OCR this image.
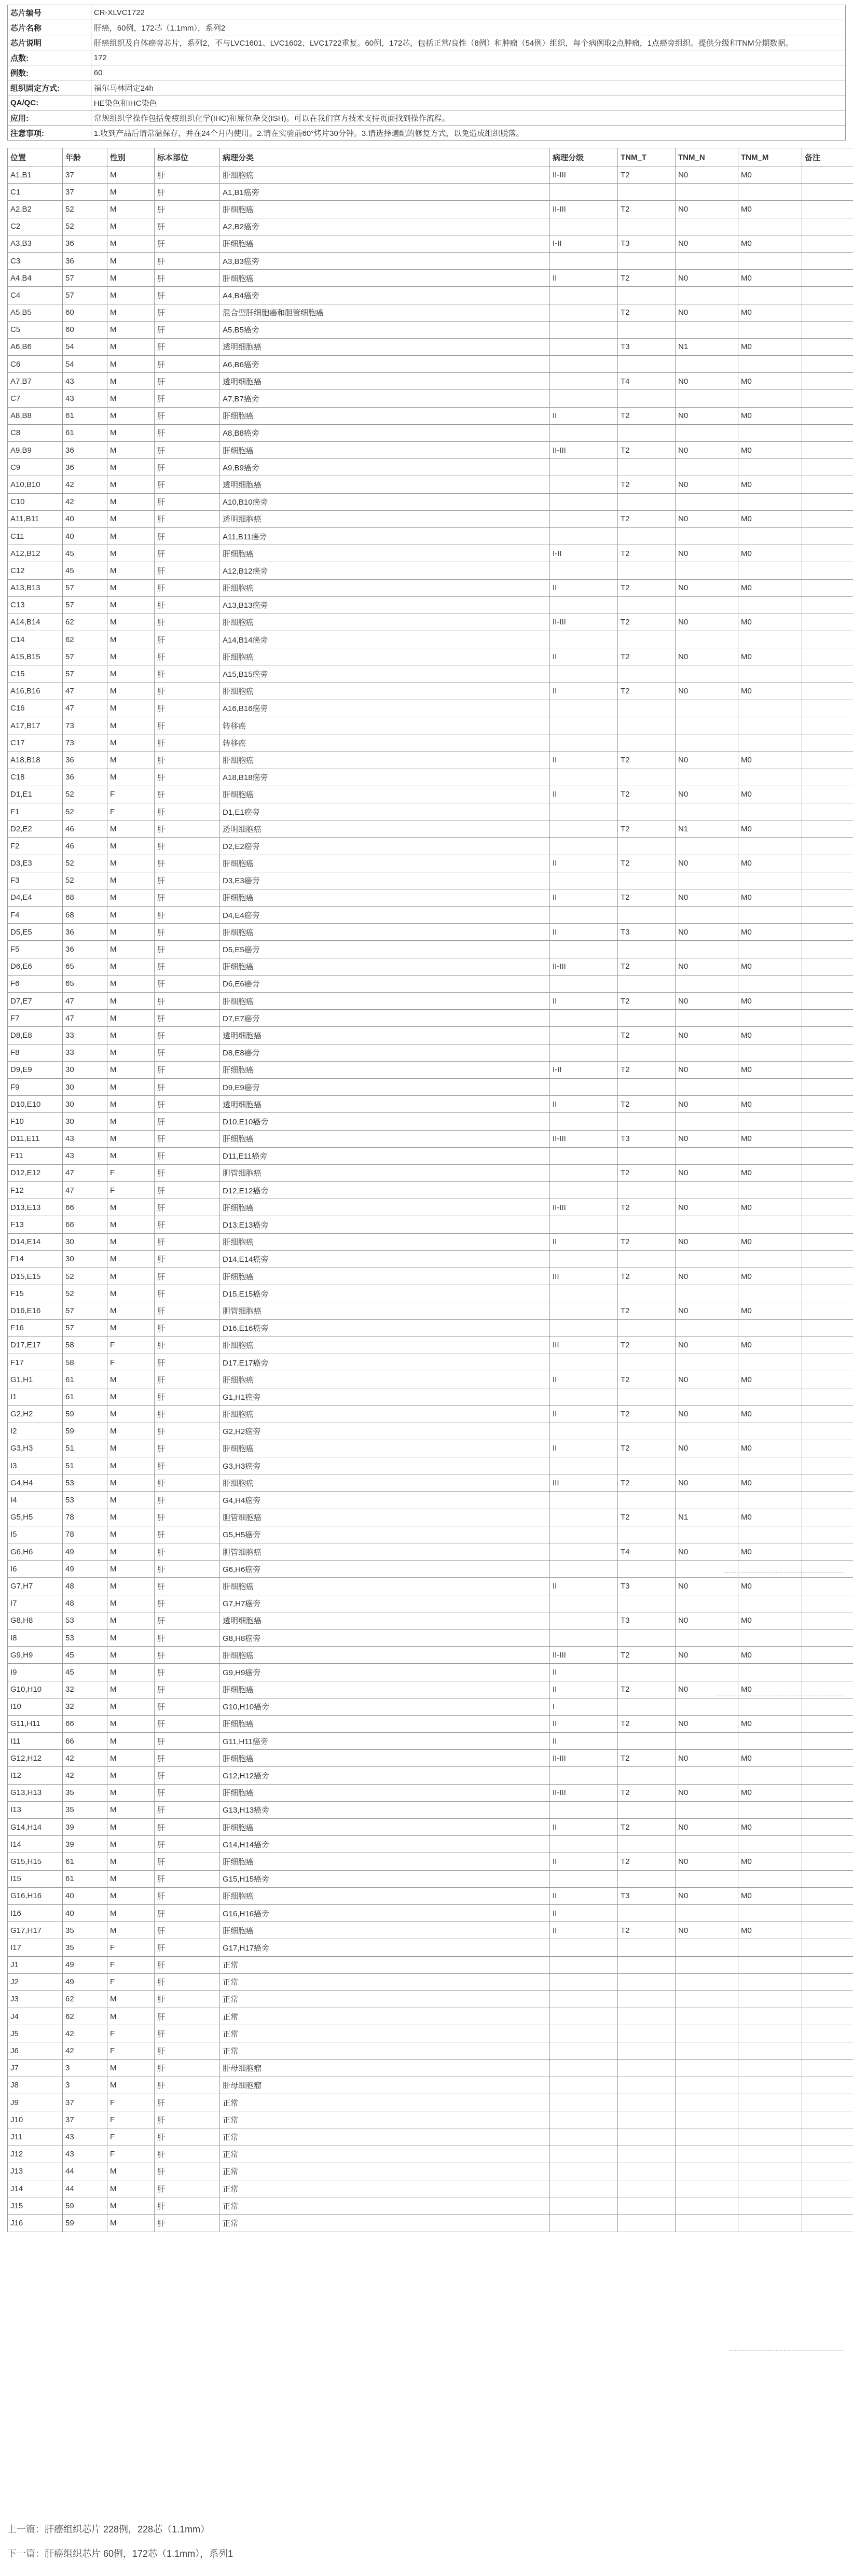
芯片编号	CR-XLVC1722
芯片名称	肝癌，60例，172芯（1.1mm），系列2
芯片说明	肝癌组织及自体癌旁芯片，系列2，不与LVC1601、LVC1602、LVC1722重复。60例，172芯，包括正常/良性（8例）和肿瘤（54例）组织，每个病例取2点肿瘤，1点癌旁组织。提供分级和TNM分期数据。
点数:	172
例数:	60
组织固定方式:	福尔马林固定24h
QA/QC:	HE染色和IHC染色
应用:	常规组织学操作包括免疫组织化学(IHC)和原位杂交(ISH)。可以在我们官方技术支持页面找到操作流程。
注意事项:	1.收到产品后请常温保存，并在24个月内使用。2.请在实验前60°烤片30分钟。3.请选择適配的修复方式，以免造成组织脱落。
位置	年龄	性别	标本部位	病理分类	病理分级	TNM_T	TNM_N	TNM_M	备注
A1,B1	37	M	肝	肝细胞癌	II-III	T2	N0	M0	
C1	37	M	肝	A1,B1癌旁					
A2,B2	52	M	肝	肝细胞癌	II-III	T2	N0	M0	
C2	52	M	肝	A2,B2癌旁					
A3,B3	36	M	肝	肝细胞癌	I-II	T3	N0	M0	
C3	36	M	肝	A3,B3癌旁					
A4,B4	57	M	肝	肝细胞癌	II	T2	N0	M0	
C4	57	M	肝	A4,B4癌旁					
A5,B5	60	M	肝	混合型肝细胞癌和胆管细胞癌		T2	N0	M0	
C5	60	M	肝	A5,B5癌旁					
A6,B6	54	M	肝	透明细胞癌		T3	N1	M0	
C6	54	M	肝	A6,B6癌旁					
A7,B7	43	M	肝	透明细胞癌		T4	N0	M0	
C7	43	M	肝	A7,B7癌旁					
A8,B8	61	M	肝	肝细胞癌	II	T2	N0	M0	
C8	61	M	肝	A8,B8癌旁					
A9,B9	36	M	肝	肝细胞癌	II-III	T2	N0	M0	
C9	36	M	肝	A9,B9癌旁					
A10,B10	42	M	肝	透明细胞癌		T2	N0	M0	
C10	42	M	肝	A10,B10癌旁					
A11,B11	40	M	肝	透明细胞癌		T2	N0	M0	
C11	40	M	肝	A11,B11癌旁					
A12,B12	45	M	肝	肝细胞癌	I-II	T2	N0	M0	
C12	45	M	肝	A12,B12癌旁					
A13,B13	57	M	肝	肝细胞癌	II	T2	N0	M0	
C13	57	M	肝	A13,B13癌旁					
A14,B14	62	M	肝	肝细胞癌	II-III	T2	N0	M0	
C14	62	M	肝	A14,B14癌旁					
A15,B15	57	M	肝	肝细胞癌	II	T2	N0	M0	
C15	57	M	肝	A15,B15癌旁					
A16,B16	47	M	肝	肝细胞癌	II	T2	N0	M0	
C16	47	M	肝	A16,B16癌旁					
A17,B17	73	M	肝	转移癌					
C17	73	M	肝	转移癌					
A18,B18	36	M	肝	肝细胞癌	II	T2	N0	M0	
C18	36	M	肝	A18,B18癌旁					
D1,E1	52	F	肝	肝细胞癌	II	T2	N0	M0	
F1	52	F	肝	D1,E1癌旁					
D2,E2	46	M	肝	透明细胞癌		T2	N1	M0	
F2	46	M	肝	D2,E2癌旁					
D3,E3	52	M	肝	肝细胞癌	II	T2	N0	M0	
F3	52	M	肝	D3,E3癌旁					
D4,E4	68	M	肝	肝细胞癌	II	T2	N0	M0	
F4	68	M	肝	D4,E4癌旁					
D5,E5	36	M	肝	肝细胞癌	II	T3	N0	M0	
F5	36	M	肝	D5,E5癌旁					
D6,E6	65	M	肝	肝细胞癌	II-III	T2	N0	M0	
F6	65	M	肝	D6,E6癌旁					
D7,E7	47	M	肝	肝细胞癌	II	T2	N0	M0	
F7	47	M	肝	D7,E7癌旁					
D8,E8	33	M	肝	透明细胞癌		T2	N0	M0	
F8	33	M	肝	D8,E8癌旁					
D9,E9	30	M	肝	肝细胞癌	I-II	T2	N0	M0	
F9	30	M	肝	D9,E9癌旁					
D10,E10	30	M	肝	透明细胞癌	II	T2	N0	M0	
F10	30	M	肝	D10,E10癌旁					
D11,E11	43	M	肝	肝细胞癌	II-III	T3	N0	M0	
F11	43	M	肝	D11,E11癌旁					
D12,E12	47	F	肝	胆管细胞癌		T2	N0	M0	
F12	47	F	肝	D12,E12癌旁					
D13,E13	66	M	肝	肝细胞癌	II-III	T2	N0	M0	
F13	66	M	肝	D13,E13癌旁					
D14,E14	30	M	肝	肝细胞癌	II	T2	N0	M0	
F14	30	M	肝	D14,E14癌旁					
D15,E15	52	M	肝	肝细胞癌	III	T2	N0	M0	
F15	52	M	肝	D15,E15癌旁					
D16,E16	57	M	肝	胆管细胞癌		T2	N0	M0	
F16	57	M	肝	D16,E16癌旁					
D17,E17	58	F	肝	肝细胞癌	III	T2	N0	M0	
F17	58	F	肝	D17,E17癌旁					
G1,H1	61	M	肝	肝细胞癌	II	T2	N0	M0	
I1	61	M	肝	G1,H1癌旁					
G2,H2	59	M	肝	肝细胞癌	II	T2	N0	M0	
I2	59	M	肝	G2,H2癌旁					
G3,H3	51	M	肝	肝细胞癌	II	T2	N0	M0	
I3	51	M	肝	G3,H3癌旁					
G4,H4	53	M	肝	肝细胞癌	III	T2	N0	M0	
I4	53	M	肝	G4,H4癌旁					
G5,H5	78	M	肝	胆管细胞癌		T2	N1	M0	
I5	78	M	肝	G5,H5癌旁					
G6,H6	49	M	肝	胆管细胞癌		T4	N0	M0	
I6	49	M	肝	G6,H6癌旁					
G7,H7	48	M	肝	肝细胞癌	II	T3	N0	M0	
I7	48	M	肝	G7,H7癌旁					
G8,H8	53	M	肝	透明细胞癌		T3	N0	M0	
I8	53	M	肝	G8,H8癌旁					
G9,H9	45	M	肝	肝细胞癌	II-III	T2	N0	M0	
I9	45	M	肝	G9,H9癌旁	II				
G10,H10	32	M	肝	肝细胞癌	II	T2	N0	M0	
I10	32	M	肝	G10,H10癌旁	I				
G11,H11	66	M	肝	肝细胞癌	II	T2	N0	M0	
I11	66	M	肝	G11,H11癌旁	II				
G12,H12	42	M	肝	肝细胞癌	II-III	T2	N0	M0	
I12	42	M	肝	G12,H12癌旁					
G13,H13	35	M	肝	肝细胞癌	II-III	T2	N0	M0	
I13	35	M	肝	G13,H13癌旁					
G14,H14	39	M	肝	肝细胞癌	II	T2	N0	M0	
I14	39	M	肝	G14,H14癌旁					
G15,H15	61	M	肝	肝细胞癌	II	T2	N0	M0	
I15	61	M	肝	G15,H15癌旁					
G16,H16	40	M	肝	肝细胞癌	II	T3	N0	M0	
I16	40	M	肝	G16,H16癌旁	II				
G17,H17	35	M	肝	肝细胞癌	II	T2	N0	M0	
I17	35	F	肝	G17,H17癌旁					
J1	49	F	肝	正常					
J2	49	F	肝	正常					
J3	62	M	肝	正常					
J4	62	M	肝	正常					
J5	42	F	肝	正常					
J6	42	F	肝	正常					
J7	3	M	肝	肝母细胞瘤					
J8	3	M	肝	肝母细胞瘤					
J9	37	F	肝	正常					
J10	37	F	肝	正常					
J11	43	F	肝	正常					
J12	43	F	肝	正常					
J13	44	M	肝	正常					
J14	44	M	肝	正常					
J15	59	M	肝	正常					
J16	59	M	肝	正常					
上一篇：肝癌组织芯片 228例，228芯（1.1mm）
下一篇：肝癌组织芯片 60例，172芯（1.1mm），系列1
